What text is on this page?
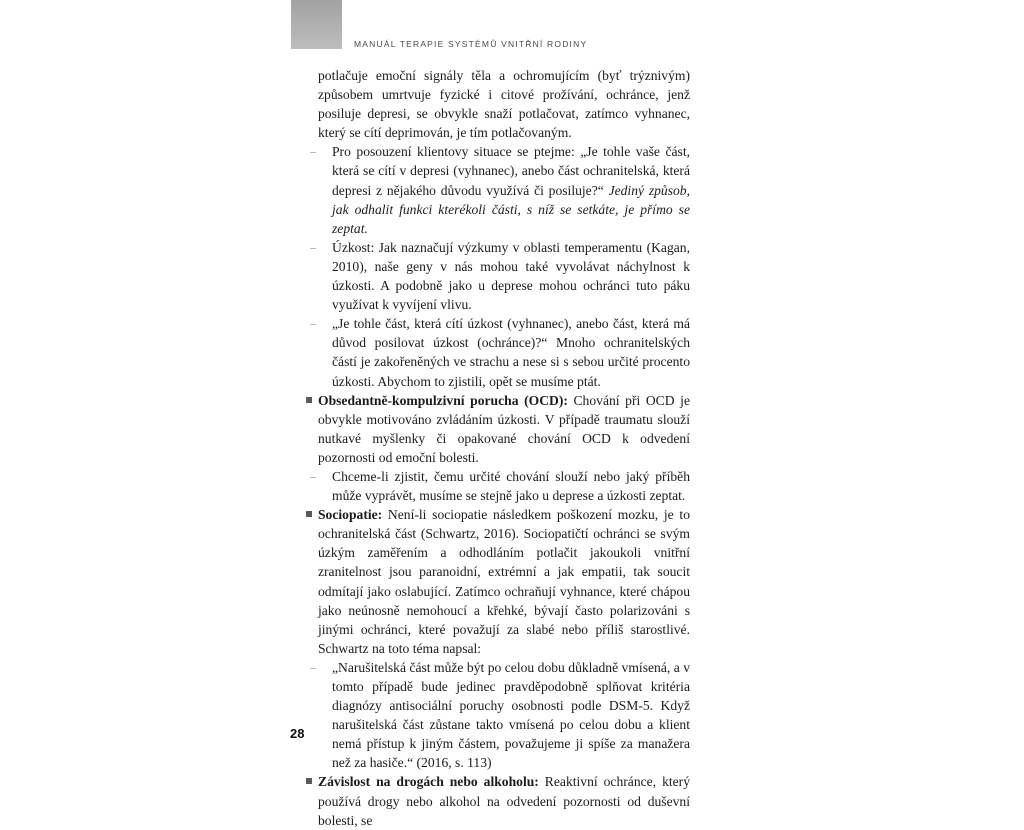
MANUÁL TERAPIE SYSTÉMŮ VNITŘNÍ RODINY

potlačuje emoční signály těla a ochromujícím (byť trýznivým) způsobem umrtvuje fyzické i citové prožívání, ochránce, jenž posiluje depresi, se obvykle snaží potlačovat, zatímco vyhnanec, který se cítí deprimován, je tím potlačovaným.

– Pro posouzení klientovy situace se ptejme: „Je tohle vaše část, která se cítí v depresi (vyhnanec), anebo část ochranitelská, která depresi z nějakého důvodu využívá či posiluje?“ Jediný způsob, jak odhalit funkci kterékoli části, s níž se setkáte, je přímo se zeptat.
– Úzkost: Jak naznačují výzkumy v oblasti temperamentu (Kagan, 2010), naše geny v nás mohou také vyvolávat náchylnost k úzkosti. A podobně jako u deprese mohou ochránci tuto páku využívat k vyvíjení vlivu.
– „Je tohle část, která cítí úzkost (vyhnanec), anebo část, která má důvod posilovat úzkost (ochránce)?“ Mnoho ochranitelských částí je zakořeněných ve strachu a nese si s sebou určité procento úzkosti. Abychom to zjistili, opět se musíme ptát.
Obsedantně-kompulzivní porucha (OCD): Chování při OCD je obvykle motivováno zvládáním úzkosti. V případě traumatu slouží nutkavé myšlenky či opakované chování OCD k odvedení pozornosti od emoční bolesti.
– Chceme-li zjistit, čemu určité chování slouží nebo jaký příběh může vyprávět, musíme se stejně jako u deprese a úzkosti zeptat.
Sociopatie: Není-li sociopatie následkem poškození mozku, je to ochranitelská část (Schwartz, 2016). Sociopatičtí ochránci se svým úzkým zaměřením a odhodláním potlačit jakoukoli vnitřní zranitelnost jsou paranoidní, extrémní a jak empatii, tak soucit odmítají jako oslabující. Zatímco ochraňují vyhnance, které chápou jako neúnosně nemohoucí a křehké, bývají často polarizováni s jinými ochránci, které považují za slabé nebo příliš starostlivé. Schwartz na toto téma napsal:
– „Narušitelská část může být po celou dobu důkladně vmísená, a v tomto případě bude jedinec pravděpodobně splňovat kritéria diagnózy antisociální poruchy osobnosti podle DSM-5. Když narušitelská část zůstane takto vmísená po celou dobu a klient nemá přístup k jiným částem, považujeme ji spíše za manažera než za hasiče.“ (2016, s. 113)
Závislost na drogách nebo alkoholu: Reaktivní ochránce, který používá drogy nebo alkohol na odvedení pozornosti od duševní bolesti, se
28
